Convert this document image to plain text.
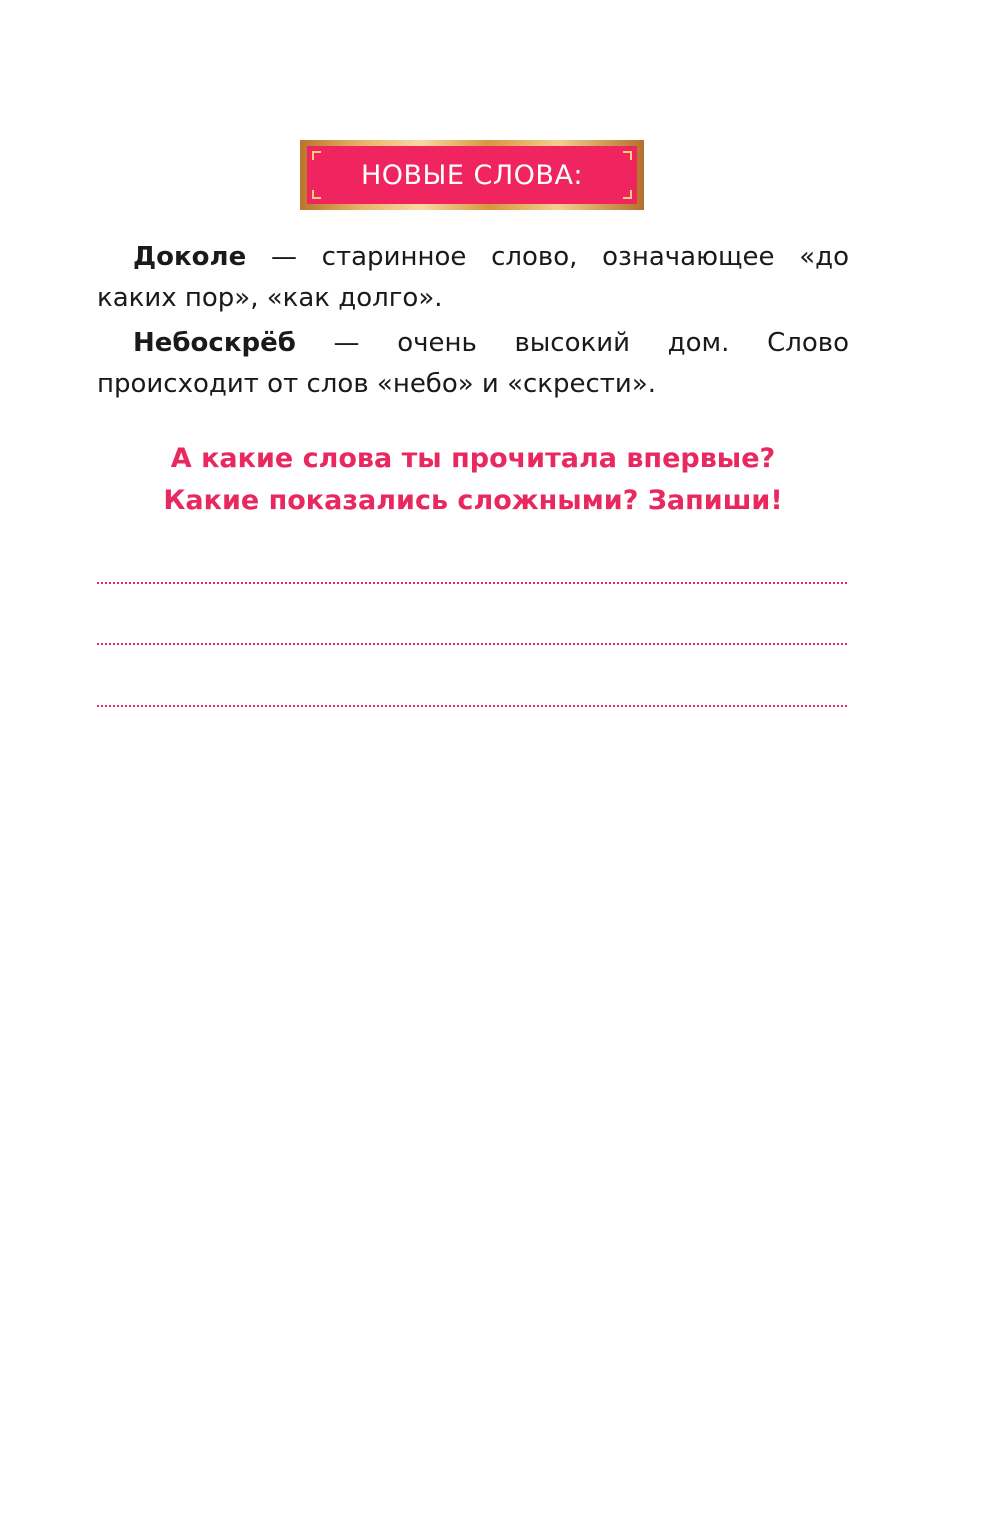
НОВЫЕ СЛОВА:

Доколе — старинное слово, означающее «до каких пор», «как долго».

Небоскрёб — очень высокий дом. Слово происходит от слов «небо» и «скрести».

А какие слова ты прочитала впервые?
Какие показались сложными? Запиши!
